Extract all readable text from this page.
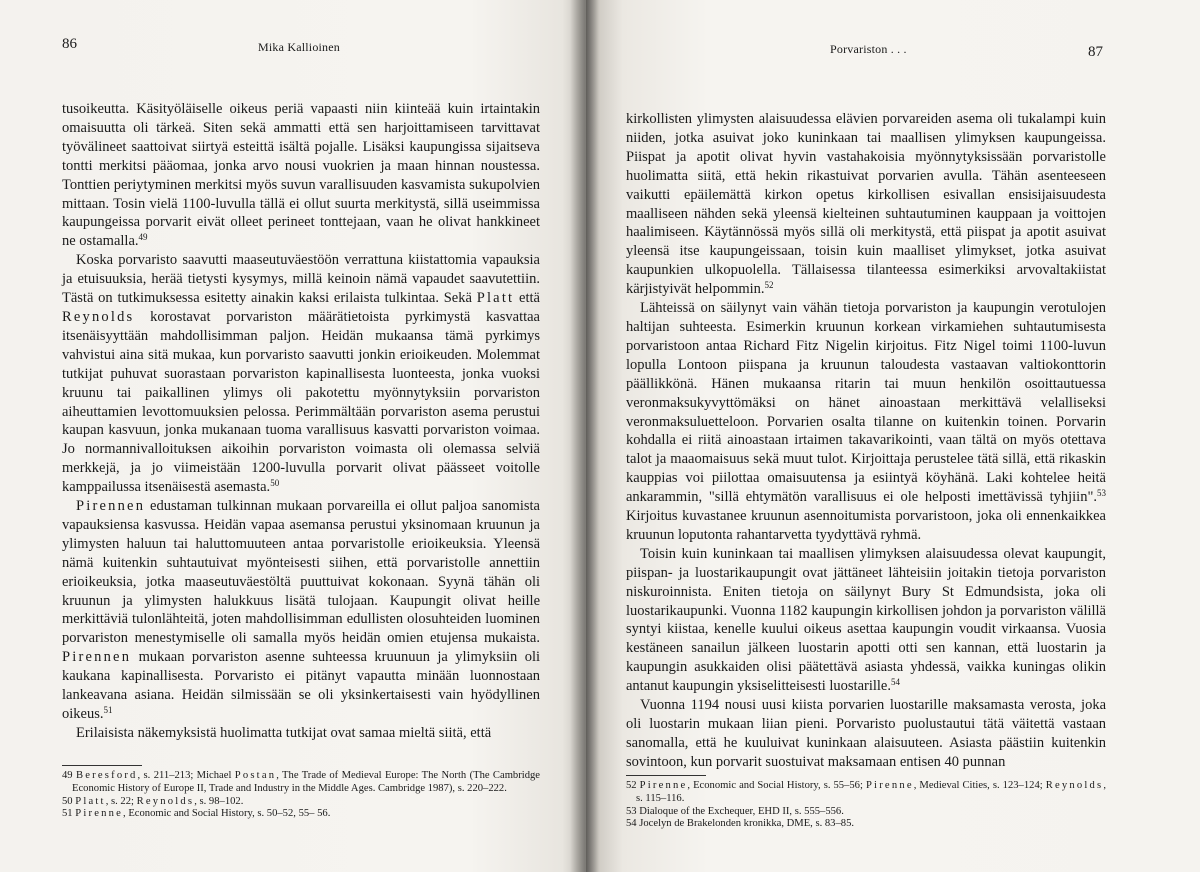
86	Mika Kallioinen

tusoikeutta. Käsityöläiselle oikeus periä vapaasti niin kiinteää kuin irtaintakin omaisuutta oli tärkeä. Siten sekä ammatti että sen harjoittamiseen tarvittavat työvälineet saattoivat siirtyä esteittä isältä pojalle. Lisäksi kaupungissa sijaitseva tontti merkitsi pääomaa, jonka arvo nousi vuokrien ja maan hinnan noustessa. Tonttien periytyminen merkitsi myös suvun varallisuuden kasvamista sukupolvien mittaan. Tosin vielä 1100-luvulla tällä ei ollut suurta merkitystä, sillä useimmissa kaupungeissa porvarit eivät olleet perineet tonttejaan, vaan he olivat hankkineet ne ostamalla.$^{49}$

Koska porvaristo saavutti maaseutuväestöön verrattuna kiistattomia vapauksia ja etuisuuksia, herää tietysti kysymys, millä keinoin nämä vapaudet saavutettiin. Tästä on tutkimuksessa esitetty ainakin kaksi erilaista tulkintaa. Sekä Platt että Reynolds korostavat porvariston määrätietoista pyrkimystä kasvattaa itsenäisyyttään mahdollisimman paljon. Heidän mukaansa tämä pyrkimys vahvistui aina sitä mukaa, kun porvaristo saavutti jonkin erioikeuden. Molemmat tutkijat puhuvat suorastaan porvariston kapinallisesta luonteesta, jonka vuoksi kruunu tai paikallinen ylimys oli pakotettu myönnytyksiin porvariston aiheuttamien levottomuuksien pelossa. Perimmältään porvariston asema perustui kaupan kasvuun, jonka mukanaan tuoma varallisuus kasvatti porvariston voimaa. Jo normannivalloituksen aikoihin porvariston voimasta oli olemassa selviä merkkejä, ja jo viimeistään 1200-luvulla porvarit olivat päässeet voitolle kamppailussa itsenäisestä asemasta.$^{50}$

Pirennen edustaman tulkinnan mukaan porvareilla ei ollut paljoa sanomista vapauksiensa kasvussa. Heidän vapaa asemansa perustui yksinomaan kruunun ja ylimysten haluun tai haluttomuuteen antaa porvaristolle erioikeuksia. Yleensä nämä kuitenkin suhtautuivat myönteisesti siihen, että porvaristolle annettiin erioikeuksia, jotka maaseutuväestöltä puuttuivat kokonaan. Syynä tähän oli kruunun ja ylimysten halukkuus lisätä tulojaan. Kaupungit olivat heille merkittäviä tulonlähteitä, joten mahdollisimman edullisten olosuhteiden luominen porvariston menestymiselle oli samalla myös heidän omien etujensa mukaista. Pirennen mukaan porvariston asenne suhteessa kruunuun ja ylimyksiin oli kaukana kapinallisesta. Porvaristo ei pitänyt vapautta minään luonnostaan lankeavana asiana. Heidän silmissään se oli yksinkertaisesti vain hyödyllinen oikeus.$^{51}$

Erilaisista näkemyksistä huolimatta tutkijat ovat samaa mieltä siitä, että

49 Beresford, s. 211–213; Michael Postan, The Trade of Medieval Europe: The North (The Cambridge Economic History of Europe II, Trade and Industry in the Middle Ages. Cambridge 1987), s. 220–222.
50 Platt, s. 22; Reynolds, s. 98–102.
51 Pirenne, Economic and Social History, s. 50–52, 55– 56.
Porvariston . . .	87

kirkollisten ylimysten alaisuudessa elävien porvareiden asema oli tukalampi kuin niiden, jotka asuivat joko kuninkaan tai maallisen ylimyksen kaupungeissa. Piispat ja apotit olivat hyvin vastahakoisia myönnytyksissään porvaristolle huolimatta siitä, että hekin rikastuivat porvarien avulla. Tähän asenteeseen vaikutti epäilemättä kirkon opetus kirkollisen esivallan ensisijaisuudesta maalliseen nähden sekä yleensä kielteinen suhtautuminen kauppaan ja voittojen haalimiseen. Käytännössä myös sillä oli merkitystä, että piispat ja apotit asuivat yleensä itse kaupungeissaan, toisin kuin maalliset ylimykset, jotka asuivat kaupunkien ulkopuolella. Tällaisessa tilanteessa esimerkiksi arvovaltakiistat kärjistyivät helpommin.$^{52}$

Lähteissä on säilynyt vain vähän tietoja porvariston ja kaupungin verotulojen haltijan suhteesta. Esimerkin kruunun korkean virkamiehen suhtautumisesta porvaristoon antaa Richard Fitz Nigelin kirjoitus. Fitz Nigel toimi 1100-luvun lopulla Lontoon piispana ja kruunun taloudesta vastaavan valtiokonttorin päällikkönä. Hänen mukaansa ritarin tai muun henkilön osoittautuessa veronmaksukyvyttömäksi on hänet ainoastaan merkittävä velalliseksi veronmaksuluetteloon. Porvarien osalta tilanne on kuitenkin toinen. Porvarin kohdalla ei riitä ainoastaan irtaimen takavarikointi, vaan tältä on myös otettava talot ja maaomaisuus sekä muut tulot. Kirjoittaja perustelee tätä sillä, että rikaskin kauppias voi piilottaa omaisuutensa ja esiintyä köyhänä. Laki kohtelee heitä ankarammin, "sillä ehtymätön varallisuus ei ole helposti imettävissä tyhjiin".$^{53}$ Kirjoitus kuvastanee kruunun asennoitumista porvaristoon, joka oli ennenkaikkea kruunun loputonta rahantarvetta tyydyttävä ryhmä.

Toisin kuin kuninkaan tai maallisen ylimyksen alaisuudessa olevat kaupungit, piispan- ja luostarikaupungit ovat jättäneet lähteisiin joitakin tietoja porvariston niskuroinnista. Eniten tietoja on säilynyt Bury St Edmundsista, joka oli luostarikaupunki. Vuonna 1182 kaupungin kirkollisen johdon ja porvariston välillä syntyi kiistaa, kenelle kuului oikeus asettaa kaupungin voudit virkaansa. Vuosia kestäneen sanailun jälkeen luostarin apotti otti sen kannan, että luostarin ja kaupungin asukkaiden olisi päätettävä asiasta yhdessä, vaikka kuningas olikin antanut kaupungin yksiselitteisesti luostarille.$^{54}$

Vuonna 1194 nousi uusi kiista porvarien luostarille maksamasta verosta, joka oli luostarin mukaan liian pieni. Porvaristo puolustautui tätä väitettä vastaan sanomalla, että he kuuluivat kuninkaan alaisuuteen. Asiasta päästiin kuitenkin sovintoon, kun porvarit suostuivat maksamaan entisen 40 punnan

52 Pirenne, Economic and Social History, s. 55–56; Pirenne, Medieval Cities, s. 123–124; Reynolds, s. 115–116.
53 Dialoque of the Exchequer, EHD II, s. 555–556.
54 Jocelyn de Brakelonden kronikka, DME, s. 83–85.
